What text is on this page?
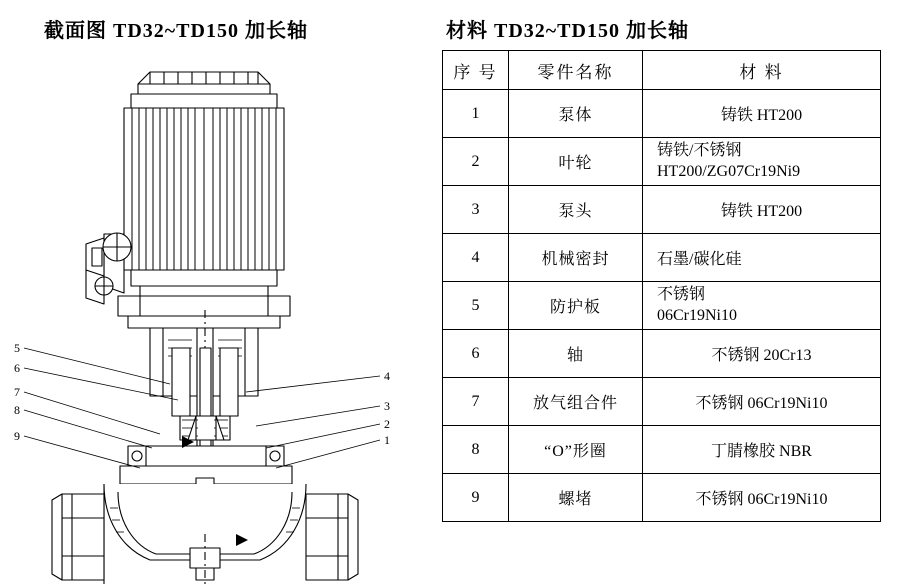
截面图 TD32~TD150 加长轴
5
6
7
8
9
4
3
2
1
材料 TD32~TD150 加长轴
序 号	零件名称	材 料
1	泵体	铸铁 HT200
2	叶轮	铸铁/不锈钢
HT200/ZG07Cr19Ni9

3	泵头	铸铁 HT200
4	机械密封	石墨/碳化硅
5	防护板	不锈钢
06Cr19Ni10

6	轴	不锈钢 20Cr13
7	放气组合件	不锈钢 06Cr19Ni10
8	“O”形圈	丁腈橡胶 NBR
9	螺堵	不锈钢 06Cr19Ni10
